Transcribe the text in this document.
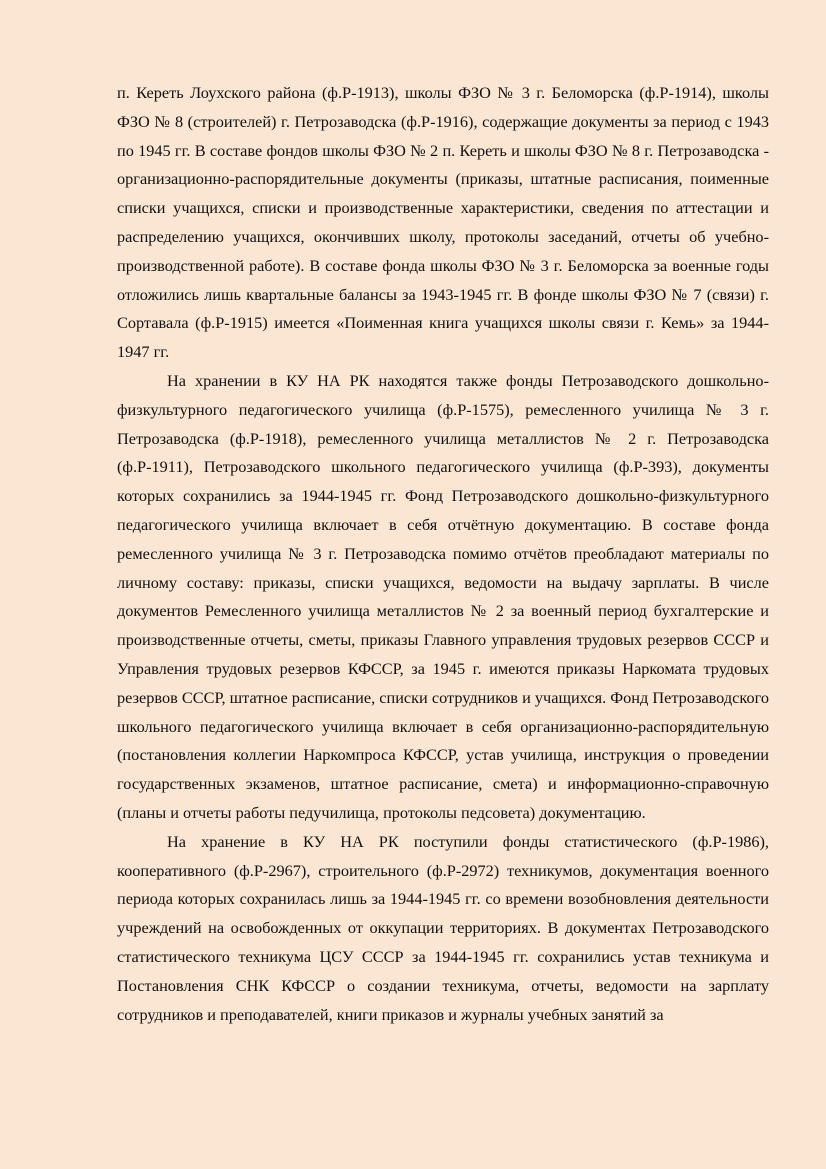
п. Кереть Лоухского района (ф.Р-1913), школы ФЗО № 3 г. Беломорска (ф.Р-1914), школы ФЗО № 8 (строителей) г. Петрозаводска (ф.Р-1916), содержащие документы за период с 1943 по 1945 гг. В составе фондов школы ФЗО № 2 п. Кереть и школы ФЗО № 8 г. Петрозаводска - организационно-распорядительные документы (приказы, штатные расписания, поименные списки учащихся, списки и производственные характеристики, сведения по аттестации и распределению учащихся, окончивших школу, протоколы заседаний, отчеты об учебно-производственной работе). В составе фонда школы ФЗО № 3 г. Беломорска за военные годы отложились лишь квартальные балансы за 1943-1945 гг. В фонде школы ФЗО № 7 (связи) г. Сортавала (ф.Р-1915) имеется «Поименная книга учащихся школы связи г. Кемь» за 1944-1947 гг.

На хранении в КУ НА РК находятся также фонды Петрозаводского дошкольно-физкультурного педагогического училища (ф.Р-1575), ремесленного училища № 3 г. Петрозаводска (ф.Р-1918), ремесленного училища металлистов № 2 г. Петрозаводска (ф.Р-1911), Петрозаводского школьного педагогического училища (ф.Р-393), документы которых сохранились за 1944-1945 гг. Фонд Петрозаводского дошкольно-физкультурного педагогического училища включает в себя отчётную документацию. В составе фонда ремесленного училища № 3 г. Петрозаводска помимо отчётов преобладают материалы по личному составу: приказы, списки учащихся, ведомости на выдачу зарплаты. В числе документов Ремесленного училища металлистов № 2 за военный период бухгалтерские и производственные отчеты, сметы, приказы Главного управления трудовых резервов СССР и Управления трудовых резервов КФССР, за 1945 г. имеются приказы Наркомата трудовых резервов СССР, штатное расписание, списки сотрудников и учащихся. Фонд Петрозаводского школьного педагогического училища включает в себя организационно-распорядительную (постановления коллегии Наркомпроса КФССР, устав училища, инструкция о проведении государственных экзаменов, штатное расписание, смета) и информационно-справочную (планы и отчеты работы педучилища, протоколы педсовета) документацию.

На хранение в КУ НА РК поступили фонды статистического (ф.Р-1986), кооперативного (ф.Р-2967), строительного (ф.Р-2972) техникумов, документация военного периода которых сохранилась лишь за 1944-1945 гг. со времени возобновления деятельности учреждений на освобожденных от оккупации территориях. В документах Петрозаводского статистического техникума ЦСУ СССР за 1944-1945 гг. сохранились устав техникума и Постановления СНК КФССР о создании техникума, отчеты, ведомости на зарплату сотрудников и преподавателей, книги приказов и журналы учебных занятий за
